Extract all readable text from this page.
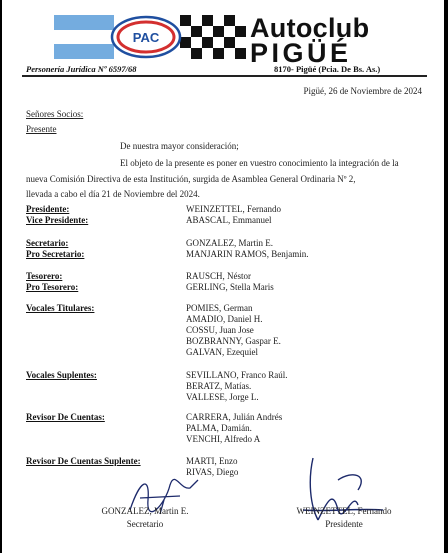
PAC	Autoclub
PIGÜÉ
Personería Jurídica Nº 6597/68	8170- Pigüé (Pcia. De Bs. As.)
Pigüé, 26 de Noviembre de 2024
Señores Socios:
Presente
De nuestra mayor consideración;
El objeto de la presente es poner en vuestro conocimiento la integración de la
nueva Comisión Directiva de esta Institución, surgida de Asamblea General Ordinaria Nº 2,
llevada a cabo el día 21 de Noviembre del 2024.
Presidente:	WEINZETTEL, Fernando
Vice Presidente:	ABASCAL, Emmanuel
Secretario:	GONZALEZ, Martin E.
Pro Secretario:	MANJARIN RAMOS, Benjamin.
Tesorero:	RAUSCH, Néstor
Pro Tesorero:	GERLING, Stella Maris
Vocales Titulares:	POMIES, German
AMADIO, Daniel H.
COSSU, Juan Jose
BOZBRANNY, Gaspar E.
GALVAN, Ezequiel
Vocales Suplentes:	SEVILLANO, Franco Raúl.
BERATZ, Matías.
VALLESE, Jorge L.
Revisor De Cuentas:	CARRERA, Julián Andrés
PALMA, Damián.
VENCHI, Alfredo A
Revisor De Cuentas Suplente:	MARTI, Enzo
RIVAS, Diego
GONZALEZ, Martin E.
Secretario
WEINZETTEL, Fernando
Presidente
